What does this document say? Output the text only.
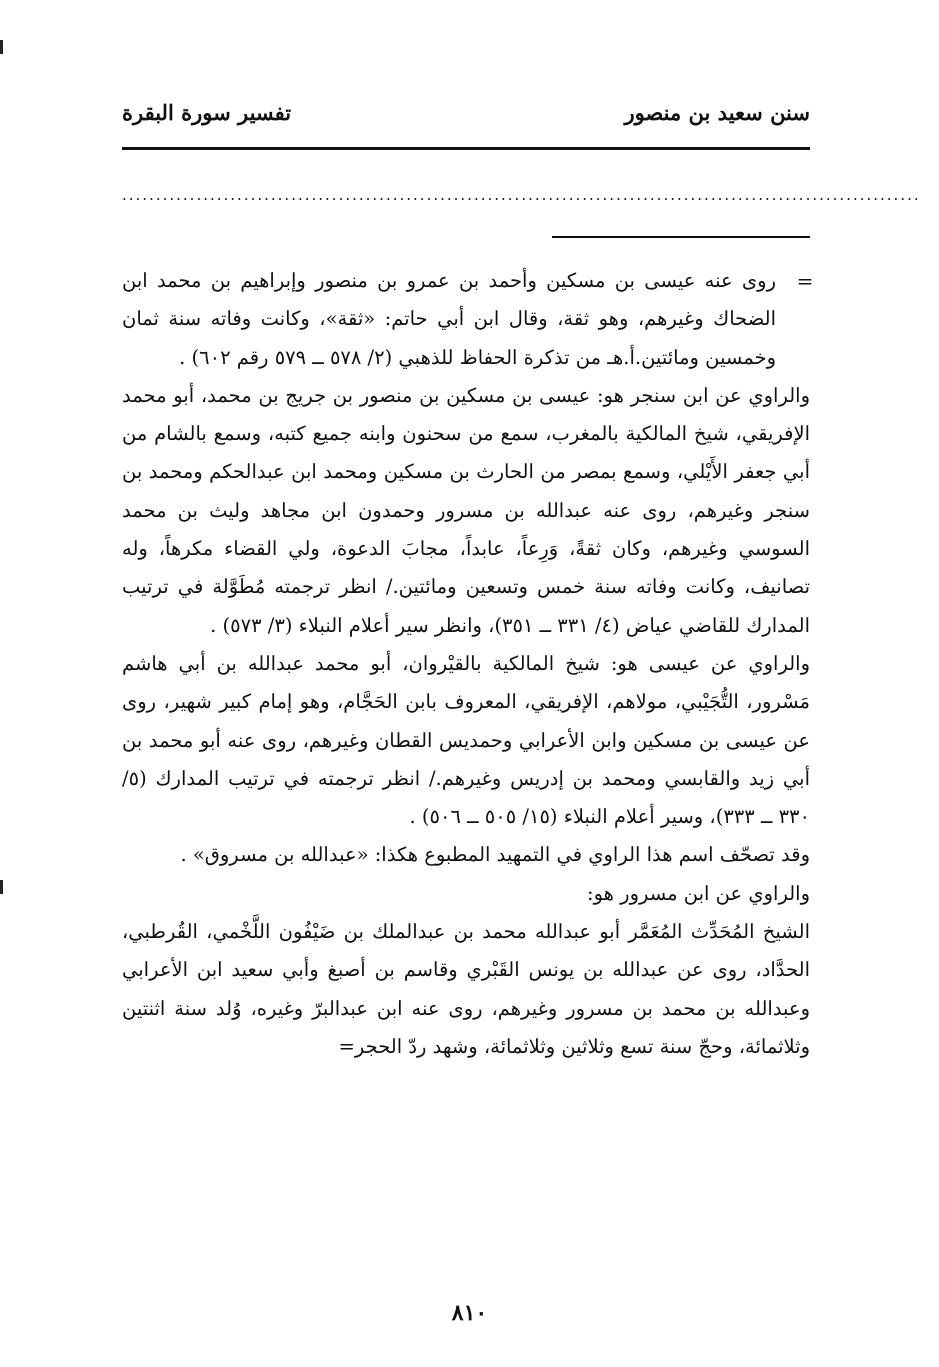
سنن سعيد بن منصور
تفسير سورة البقرة
......................................................................................................................
=

روى عنه عيسى بن مسكين وأحمد بن عمرو بن منصور وإبراهيم بن محمد ابن الضحاك وغيرهم، وهو ثقة، وقال ابن أبي حاتم: «ثقة»، وكانت وفاته سنة ثمان وخمسين ومائتين.أ.هـ من تذكرة الحفاظ للذهبي (٢/ ٥٧٨ ــ ٥٧٩ رقم ٦٠٢) .

والراوي عن ابن سنجر هو: عيسى بن مسكين بن منصور بن جريج بن محمد، أبو محمد الإفريقي، شيخ المالكية بالمغرب، سمع من سحنون وابنه جميع كتبه، وسمع بالشام من أبي جعفر الأَيْلي، وسمع بمصر من الحارث بن مسكين ومحمد ابن عبدالحكم ومحمد بن سنجر وغيرهم، روى عنه عبدالله بن مسرور وحمدون ابن مجاهد وليث بن محمد السوسي وغيرهم، وكان ثقةً، وَرِعاً، عابداً، مجابَ الدعوة، ولي القضاء مكرهاً، وله تصانيف، وكانت وفاته سنة خمس وتسعين ومائتين./ انظر ترجمته مُطَوَّلة في ترتيب المدارك للقاضي عياض (٤/ ٣٣١ ــ ٣٥١)، وانظر سير أعلام النبلاء (٣/ ٥٧٣) .

والراوي عن عيسى هو: شيخ المالكية بالقيْروان، أبو محمد عبدالله بن أبي هاشم مَسْرور، التُّجَيْبي، مولاهم، الإفريقي، المعروف بابن الحَجَّام، وهو إمام كبير شهير، روى عن عيسى بن مسكين وابن الأعرابي وحمديس القطان وغيرهم، روى عنه أبو محمد بن أبي زيد والقابسي ومحمد بن إدريس وغيرهم./ انظر ترجمته في ترتيب المدارك (٥/ ٣٣٠ ــ ٣٣٣)، وسير أعلام النبلاء (١٥/ ٥٠٥ ــ ٥٠٦) .

وقد تصحّف اسم هذا الراوي في التمهيد المطبوع هكذا: «عبدالله بن مسروق» .

والراوي عن ابن مسرور هو:

الشيخ المُحَدِّث المُعَمَّر أبو عبدالله محمد بن عبدالملك بن ضَيْفُون اللَّخْمي، القُرطبي، الحدَّاد، روى عن عبدالله بن يونس القَبْري وقاسم بن أصبغ وأبي سعيد ابن الأعرابي وعبدالله بن محمد بن مسرور وغيرهم، روى عنه ابن عبدالبرّ وغيره، وُلد سنة اثنتين وثلاثمائة، وحجّ سنة تسع وثلاثين وثلاثمائة، وشهد ردّ الحجر=

٨١٠
